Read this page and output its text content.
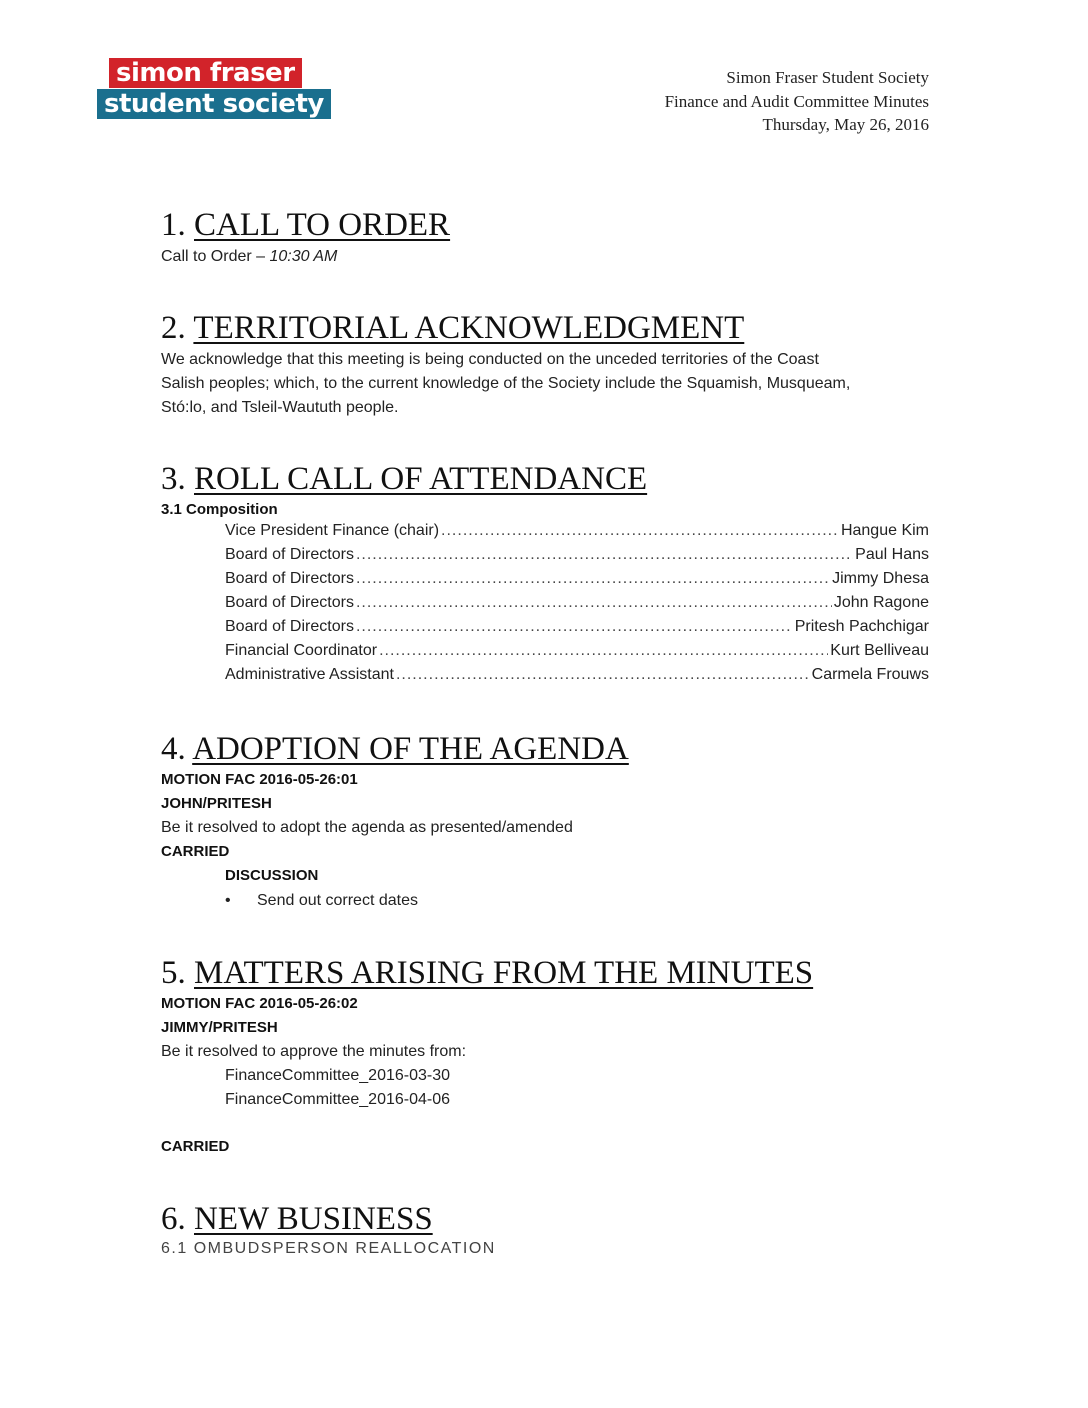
simon fraser
student society
Simon Fraser Student Society
Finance and Audit Committee Minutes
Thursday, May 26, 2016
1. CALL TO ORDER
Call to Order – 10:30 AM
2. TERRITORIAL ACKNOWLEDGMENT
We acknowledge that this meeting is being conducted on the unceded territories of the Coast
Salish peoples; which, to the current knowledge of the Society include the Squamish, Musqueam,
Stó:lo, and Tsleil-Waututh people.
3. ROLL CALL OF ATTENDANCE
3.1 Composition
Vice President Finance (chair) .....	Hangue Kim
Board of Directors .....	Paul Hans
Board of Directors .....	Jimmy Dhesa
Board of Directors .....	John Ragone
Board of Directors .....	Pritesh Pachchigar
Financial Coordinator .....	Kurt Belliveau
Administrative Assistant .....	Carmela Frouws
4. ADOPTION OF THE AGENDA
MOTION FAC 2016-05-26:01
JOHN/PRITESH
Be it resolved to adopt the agenda as presented/amended
CARRIED
DISCUSSION
• Send out correct dates
5. MATTERS ARISING FROM THE MINUTES
MOTION FAC 2016-05-26:02
JIMMY/PRITESH
Be it resolved to approve the minutes from:
FinanceCommittee_2016-03-30
FinanceCommittee_2016-04-06
CARRIED
6. NEW BUSINESS
6.1 OMBUDSPERSON REALLOCATION
